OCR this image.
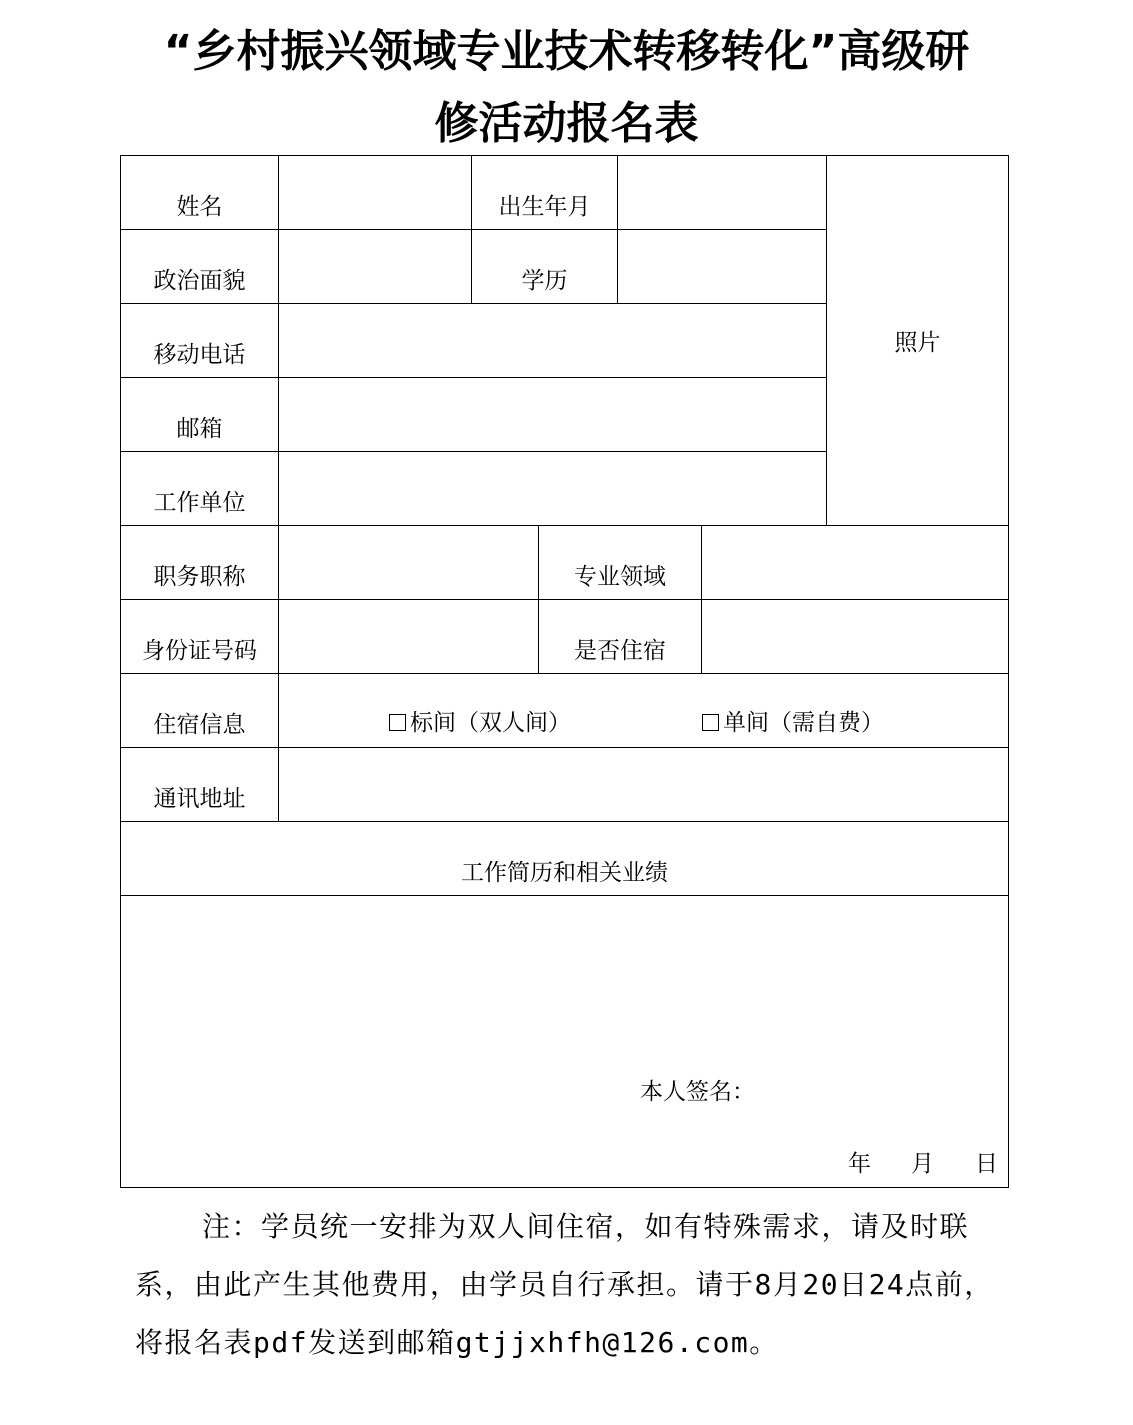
“乡村振兴领域专业技术转移转化”高级研
修活动报名表
姓名	出生年月
照片
政治面貌	学历
移动电话
邮箱
工作单位
职务职称	专业领域
身份证号码	是否住宿
住宿信息	标间（双人间）	单间（需自费）
通讯地址
工作简历和相关业绩
本人签名：
年 月 日

注：学员统一安排为双人间住宿，如有特殊需求，请及时联系，由此产生其他费用，由学员自行承担。请于8月20日24点前，将报名表pdf发送到邮箱gtjjxhfh@126.com。
